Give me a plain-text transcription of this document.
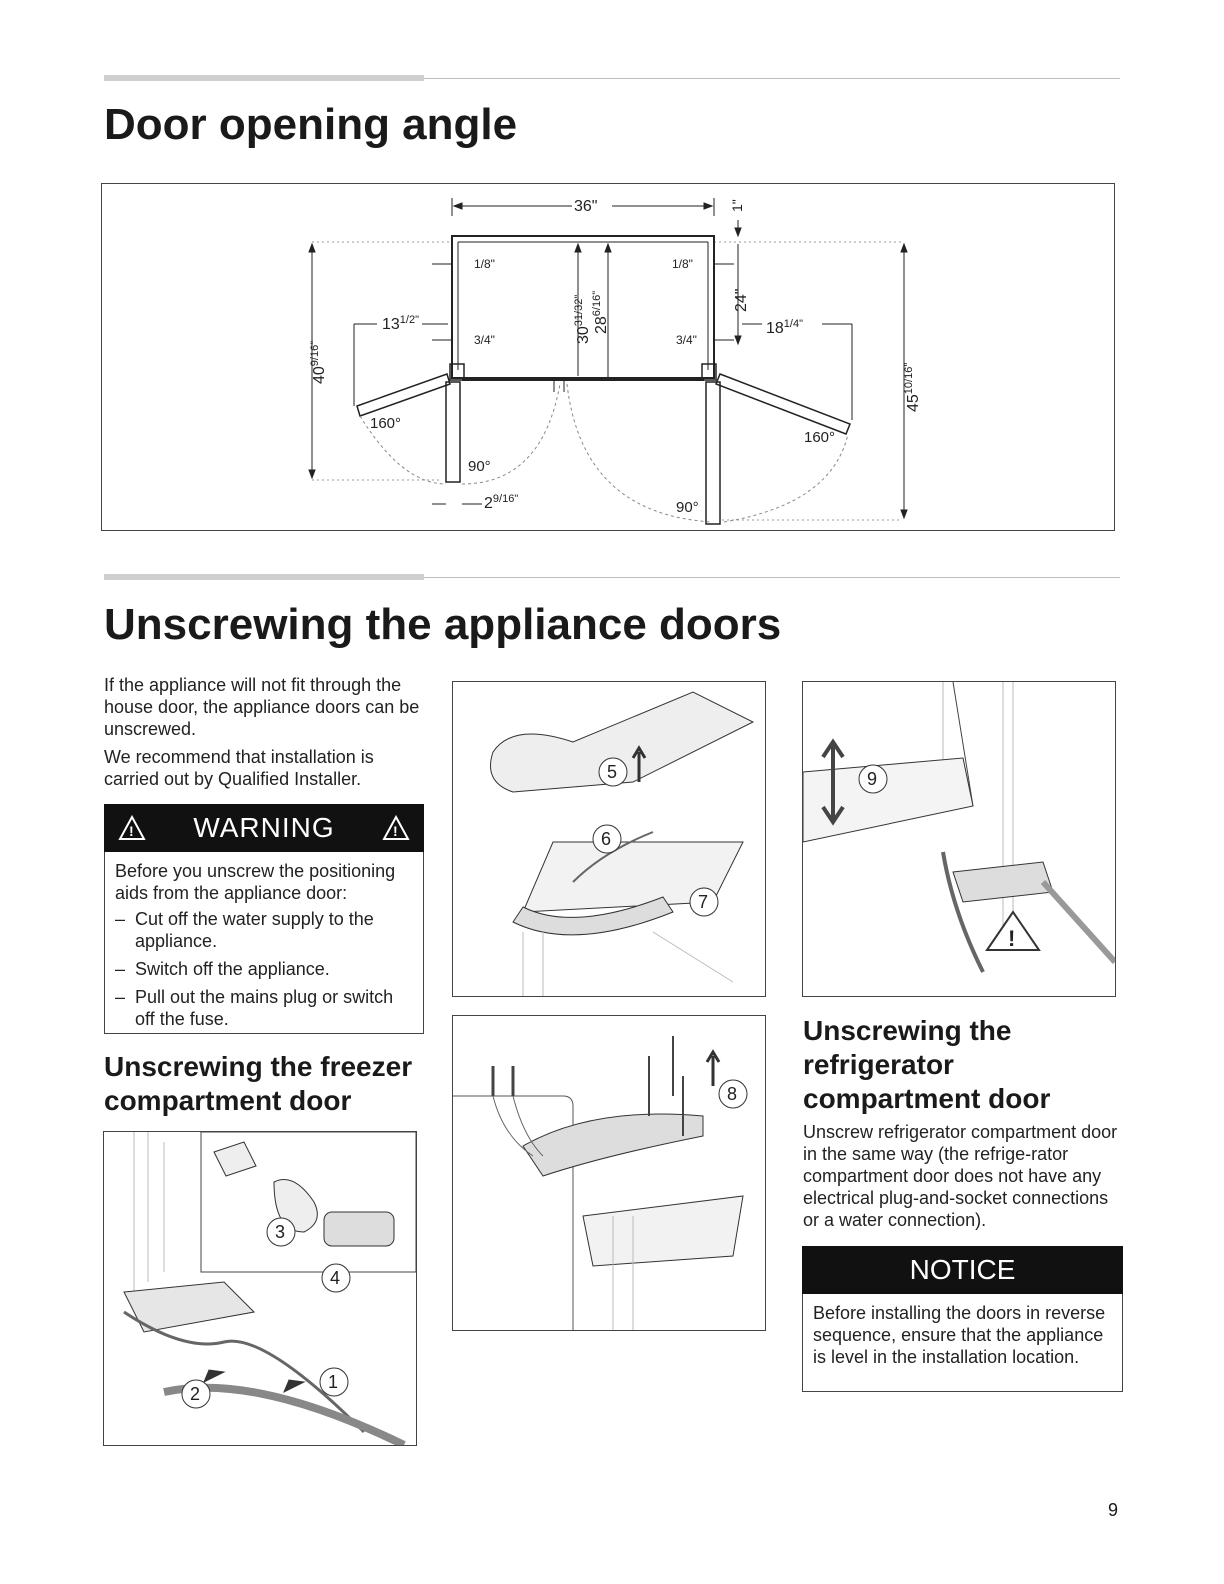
Door opening angle
36"	1"
1/8"	1/8"
$13^{1/2"}$
3/4"	3/4"
$18^{1/4"}$
$30^{31/32"}$ $28^{6/16"}$	24"
$40^{9/16"}$
$45^{10/16"}$
160°
160°
90°
90°
$2^{9/16"}$
Unscrewing the appliance doors

If the appliance will not fit through the house door, the appliance doors can be unscrewed.

We recommend that installation is carried out by Qualified Installer.

! WARNING	!
Before you unscrew the positioning aids from the appliance door:
– Cut off the water supply to the appliance.
– Switch off the appliance.
– Pull out the mains plug or switch off the fuse.
Unscrewing the freezer compartment door
4
3
2
1
5
6
7
8
!
9
Unscrewing the refrigerator compartment door
Unscrew refrigerator compartment door in the same way (the refrige-rator compartment door does not have any electrical plug-and-socket connections or a water connection).
NOTICE
Before installing the doors in reverse sequence, ensure that the appliance is level in the installation location.
9
